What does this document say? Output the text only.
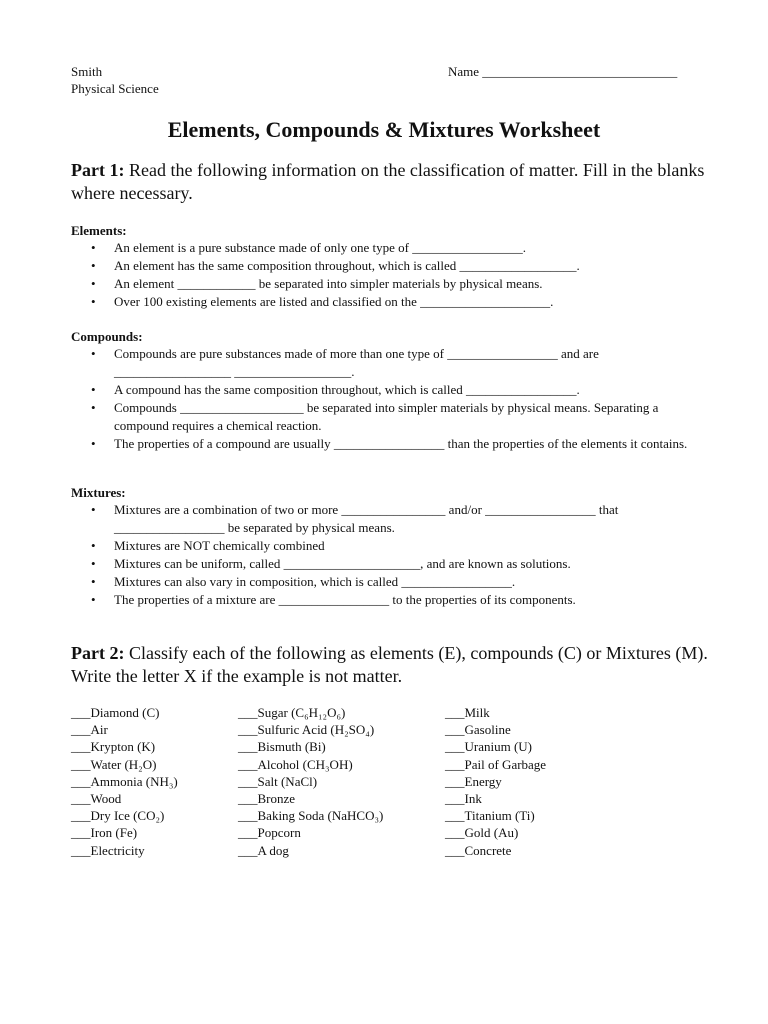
Smith
Physical Science
Name ______________________________
Elements, Compounds & Mixtures Worksheet
Part 1: Read the following information on the classification of matter. Fill in the blanks where necessary.
Elements:
• An element is a pure substance made of only one type of _________________.
• An element has the same composition throughout, which is called __________________.
• An element ____________ be separated into simpler materials by physical means.
• Over 100 existing elements are listed and classified on the ____________________.
Compounds:
• Compounds are pure substances made of more than one type of _________________ and are __________________ __________________.
• A compound has the same composition throughout, which is called _________________.
• Compounds ___________________ be separated into simpler materials by physical means. Separating a compound requires a chemical reaction.
• The properties of a compound are usually _________________ than the properties of the elements it contains.
Mixtures:
• Mixtures are a combination of two or more ________________ and/or _________________ that _________________ be separated by physical means.
• Mixtures are NOT chemically combined
• Mixtures can be uniform, called _____________________, and are known as solutions.
• Mixtures can also vary in composition, which is called _________________.
• The properties of a mixture are _________________ to the properties of its components.
Part 2: Classify each of the following as elements (E), compounds (C) or Mixtures (M). Write the letter X if the example is not matter.
___Diamond (C)
___Air
___Krypton (K)
___Water (H₂O)
___Ammonia (NH₃)
___Wood
___Dry Ice (CO₂)
___Iron (Fe)
___Electricity
___Sugar (C₆H₁₂O₆)
___Sulfuric Acid (H₂SO₄)
___Bismuth (Bi)
___Alcohol (CH₃OH)
___Salt (NaCl)
___Bronze
___Baking Soda (NaHCO₃)
___Popcorn
___A dog
___Milk
___Gasoline
___Uranium (U)
___Pail of Garbage
___Energy
___Ink
___Titanium (Ti)
___Gold (Au)
___Concrete
